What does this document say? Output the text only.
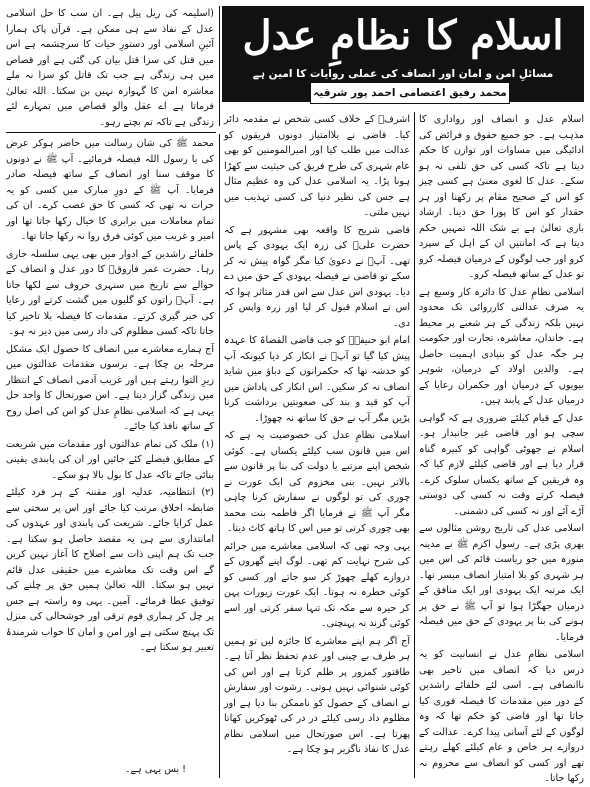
اسلام کا نظامِ عدل
مسائلِ امن و امان اور انصاف کی عملی روایات کا امین ہے
محمد رفیق اعتصامی احمد پور شرقیہ

(اسلیمہ کی ریل پیل ہے۔ ان سب کا حل اسلامی عدل کے نفاذ سے ہی ممکن ہے۔ قرآن پاک ہمارا آئینِ اسلامی اور دستورِ حیات کا سرچشمہ ہے اس میں قتل کی سزا قتل بیان کی گئی ہے اور قصاص میں ہی زندگی ہے جب تک قاتل کو سزا نہ ملے معاشرہ امن کا گہوارہ نہیں بن سکتا۔ اللہ تعالیٰ فرماتا ہے اے عقل والو قصاص میں تمہارے لئے زندگی ہے تاکہ تم بچتے رہو۔

محمد ﷺ کی شان رسالت میں حاضر ہوکر عرض کی یا رسول اللہ فیصلہ فرمائیے۔ آپ ﷺ نے دونوں کا موقف سنا اور انصاف کے ساتھ فیصلہ صادر فرمایا۔ آپ ﷺ کے دورِ مبارک میں کسی کو یہ جرات نہ تھی کہ کسی کا حق غصب کرے۔ ان کی تمام معاملات میں برابری کا خیال رکھا جاتا تھا اور امیر و غریب میں کوئی فرق روا نہ رکھا جاتا تھا۔

خلفائے راشدین کے ادوار میں بھی یہی سلسلہ جاری رہا۔ حضرت عمر فاروقؓ کا دور عدل و انصاف کے حوالے سے تاریخ میں سنہری حروف سے لکھا جاتا ہے۔ آپؓ راتوں کو گلیوں میں گشت کرتے اور رعایا کی خبر گیری کرتے۔ مقدمات کا فیصلہ بلا تاخیر کیا جاتا تاکہ کسی مظلوم کی داد رسی میں دیر نہ ہو۔

آج ہمارے معاشرے میں انصاف کا حصول ایک مشکل مرحلہ بن چکا ہے۔ برسوں مقدمات عدالتوں میں زیرِ التوا رہتے ہیں اور غریب آدمی انصاف کے انتظار میں زندگی گزار دیتا ہے۔ اس صورتحال کا واحد حل یہی ہے کہ اسلامی نظامِ عدل کو اس کی اصل روح کے ساتھ نافذ کیا جائے۔

(۱) ملک کی تمام عدالتوں اور مقدمات میں شریعت کے مطابق فیصلے کئے جائیں اور ان کی پابندی یقینی بنائی جائے تاکہ عدل کا بول بالا ہو سکے۔

(۲) انتظامیہ، عدلیہ اور مقننہ کے ہر فرد کیلئے ضابطہ اخلاق مرتب کیا جائے اور اس پر سختی سے عمل کرایا جائے۔ شریعت کی پابندی اور عہدوں کی امانتداری سے ہی یہ مقصد حاصل ہو سکتا ہے۔ جب تک ہم اپنی ذات سے اصلاح کا آغاز نہیں کریں گے اس وقت تک معاشرے میں حقیقی عدل قائم نہیں ہو سکتا۔ اللہ تعالیٰ ہمیں حق پر چلنے کی توفیق عطا فرمائے۔ آمین۔ یہی وہ راستہ ہے جس پر چل کر ہماری قوم ترقی اور خوشحالی کی منزل تک پہنچ سکتی ہے اور امن و امان کا خواب شرمندۂ تعبیر ہو سکتا ہے۔

! بس یہی ہے۔

اشرفؓ کے خلاف کسی شخص نے مقدمہ دائر کیا۔ قاضی نے بلاامتیاز دونوں فریقوں کو عدالت میں طلب کیا اور امیرالمومنین کو بھی عام شہری کی طرح فریق کی حیثیت سے کھڑا ہونا پڑا۔ یہ اسلامی عدل کی وہ عظیم مثال ہے جس کی نظیر دنیا کی کسی تہذیب میں نہیں ملتی۔

قاضی شریح کا واقعہ بھی مشہور ہے کہ حضرت علیؓ کی زرہ ایک یہودی کے پاس تھی۔ آپؓ نے دعویٰ کیا مگر گواہ پیش نہ کر سکے تو قاضی نے فیصلہ یہودی کے حق میں دے دیا۔ یہودی اس عدل سے اس قدر متاثر ہوا کہ اس نے اسلام قبول کر لیا اور زرہ واپس کر دی۔

امام ابو حنیفہؒ کو جب قاضی القضاۃ کا عہدہ پیش کیا گیا تو آپؒ نے انکار کر دیا کیونکہ آپ کو خدشہ تھا کہ حکمرانوں کے دباؤ میں شاید انصاف نہ کر سکیں۔ اس انکار کی پاداش میں آپ کو قید و بند کی صعوبتیں برداشت کرنا پڑیں مگر آپ نے حق کا ساتھ نہ چھوڑا۔

اسلامی نظامِ عدل کی خصوصیت یہ ہے کہ اس میں قانون سب کیلئے یکساں ہے۔ کوئی شخص اپنے مرتبے یا دولت کی بنا پر قانون سے بالاتر نہیں۔ بنی مخزوم کی ایک عورت نے چوری کی تو لوگوں نے سفارش کرنا چاہی مگر آپ ﷺ نے فرمایا اگر فاطمہ بنت محمد بھی چوری کرتی تو میں اس کا ہاتھ کاٹ دیتا۔

یہی وجہ تھی کہ اسلامی معاشرے میں جرائم کی شرح نہایت کم تھی۔ لوگ اپنے گھروں کے دروازے کھلے چھوڑ کر سو جاتے اور کسی کو کوئی خطرہ نہ ہوتا۔ ایک عورت زیورات پہن کر حیرہ سے مکہ تک تنہا سفر کرتی اور اسے کوئی گزند نہ پہنچتی۔

آج اگر ہم اپنے معاشرے کا جائزہ لیں تو ہمیں ہر طرف بے چینی اور عدم تحفظ نظر آتا ہے۔ طاقتور کمزور پر ظلم کرتا ہے اور اس کی کوئی شنوائی نہیں ہوتی۔ رشوت اور سفارش نے انصاف کے حصول کو ناممکن بنا دیا ہے اور مظلوم داد رسی کیلئے در در کی ٹھوکریں کھاتا پھرتا ہے۔ اس صورتحال میں اسلامی نظام عدل کا نفاذ ناگزیر ہو چکا ہے۔

اسلام عدل و انصاف اور رواداری کا مذہب ہے۔ جو جمیع حقوق و فرائض کی ادائیگی میں مساوات اور توازن کا حکم دیتا ہے تاکہ کسی کی حق تلفی نہ ہو سکے۔ عدل کا لغوی معنیٰ ہے کسی چیز کو اس کے صحیح مقام پر رکھنا اور ہر حقدار کو اس کا پورا حق دینا۔ ارشاد باری تعالیٰ ہے بے شک اللہ تمہیں حکم دیتا ہے کہ امانتیں ان کے اہل کے سپرد کرو اور جب لوگوں کے درمیان فیصلہ کرو تو عدل کے ساتھ فیصلہ کرو۔

اسلامی نظامِ عدل کا دائرہ کار وسیع ہے یہ صرف عدالتی کارروائی تک محدود نہیں بلکہ زندگی کے ہر شعبے پر محیط ہے۔ خاندان، معاشرہ، تجارت اور حکومت ہر جگہ عدل کو بنیادی اہمیت حاصل ہے۔ والدین اولاد کے درمیان، شوہر بیویوں کے درمیان اور حکمران رعایا کے درمیان عدل کے پابند ہیں۔

عدل کے قیام کیلئے ضروری ہے کہ گواہی سچی ہو اور قاضی غیر جانبدار ہو۔ اسلام نے جھوٹی گواہی کو کبیرہ گناہ قرار دیا ہے اور قاضی کیلئے لازم کیا کہ وہ فریقین کے ساتھ یکساں سلوک کرے۔ فیصلہ کرتے وقت نہ کسی کی دوستی آڑے آئے اور نہ کسی کی دشمنی۔

اسلامی عدل کی تاریخ روشن مثالوں سے بھری پڑی ہے۔ رسول اکرم ﷺ نے مدینہ منورہ میں جو ریاست قائم کی اس میں ہر شہری کو بلا امتیاز انصاف میسر تھا۔ ایک مرتبہ ایک یہودی اور ایک منافق کے درمیان جھگڑا ہوا تو آپ ﷺ نے حق پر ہونے کی بنا پر یہودی کے حق میں فیصلہ فرمایا۔

اسلامی نظامِ عدل نے انسانیت کو یہ درس دیا کہ انصاف میں تاخیر بھی ناانصافی ہے۔ اسی لئے خلفائے راشدین کے دور میں مقدمات کا فیصلہ فوری کیا جاتا تھا اور قاضی کو حکم تھا کہ وہ لوگوں کے لئے آسانی پیدا کرے۔ عدالت کے دروازے ہر خاص و عام کیلئے کھلے رہتے تھے اور کسی کو انصاف سے محروم نہ رکھا جاتا۔
